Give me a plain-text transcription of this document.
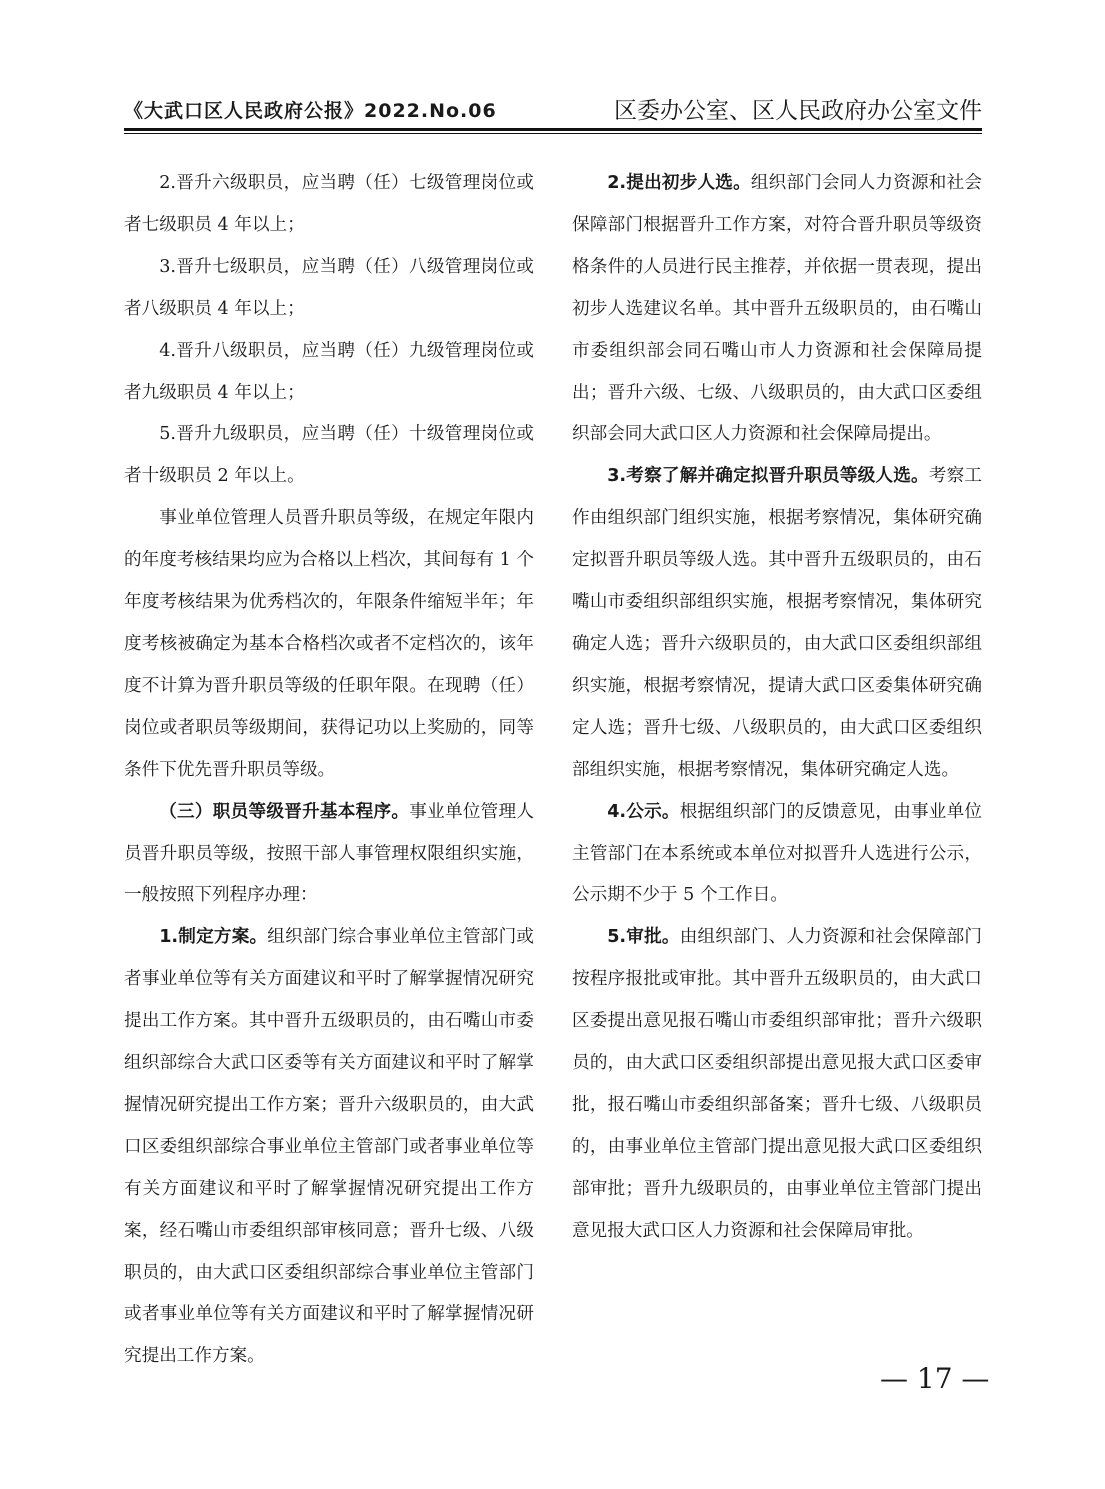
《大武口区人民政府公报》2022.No.06	区委办公室、区人民政府办公室文件

2.晋升六级职员，应当聘（任）七级管理岗位或者七级职员 4 年以上；

3.晋升七级职员，应当聘（任）八级管理岗位或者八级职员 4 年以上；

4.晋升八级职员，应当聘（任）九级管理岗位或者九级职员 4 年以上；

5.晋升九级职员，应当聘（任）十级管理岗位或者十级职员 2 年以上。

事业单位管理人员晋升职员等级，在规定年限内的年度考核结果均应为合格以上档次，其间每有 1 个年度考核结果为优秀档次的，年限条件缩短半年；年度考核被确定为基本合格档次或者不定档次的，该年度不计算为晋升职员等级的任职年限。在现聘（任）岗位或者职员等级期间，获得记功以上奖励的，同等条件下优先晋升职员等级。

（三）职员等级晋升基本程序。事业单位管理人员晋升职员等级，按照干部人事管理权限组织实施，一般按照下列程序办理：

1.制定方案。组织部门综合事业单位主管部门或者事业单位等有关方面建议和平时了解掌握情况研究提出工作方案。其中晋升五级职员的，由石嘴山市委组织部综合大武口区委等有关方面建议和平时了解掌握情况研究提出工作方案；晋升六级职员的，由大武口区委组织部综合事业单位主管部门或者事业单位等有关方面建议和平时了解掌握情况研究提出工作方案，经石嘴山市委组织部审核同意；晋升七级、八级职员的，由大武口区委组织部综合事业单位主管部门或者事业单位等有关方面建议和平时了解掌握情况研究提出工作方案。

2.提出初步人选。组织部门会同人力资源和社会保障部门根据晋升工作方案，对符合晋升职员等级资格条件的人员进行民主推荐，并依据一贯表现，提出初步人选建议名单。其中晋升五级职员的，由石嘴山市委组织部会同石嘴山市人力资源和社会保障局提出；晋升六级、七级、八级职员的，由大武口区委组织部会同大武口区人力资源和社会保障局提出。

3.考察了解并确定拟晋升职员等级人选。考察工作由组织部门组织实施，根据考察情况，集体研究确定拟晋升职员等级人选。其中晋升五级职员的，由石嘴山市委组织部组织实施，根据考察情况，集体研究确定人选；晋升六级职员的，由大武口区委组织部组织实施，根据考察情况，提请大武口区委集体研究确定人选；晋升七级、八级职员的，由大武口区委组织部组织实施，根据考察情况，集体研究确定人选。

4.公示。根据组织部门的反馈意见，由事业单位主管部门在本系统或本单位对拟晋升人选进行公示，公示期不少于 5 个工作日。

5.审批。由组织部门、人力资源和社会保障部门按程序报批或审批。其中晋升五级职员的，由大武口区委提出意见报石嘴山市委组织部审批；晋升六级职员的，由大武口区委组织部提出意见报大武口区委审批，报石嘴山市委组织部备案；晋升七级、八级职员的，由事业单位主管部门提出意见报大武口区委组织部审批；晋升九级职员的，由事业单位主管部门提出意见报大武口区人力资源和社会保障局审批。

— 17 —
